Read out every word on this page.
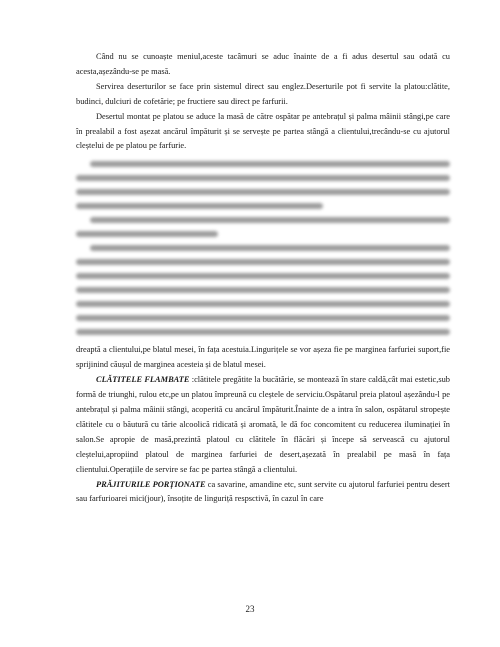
Când nu se cunoaște meniul,aceste tacâmuri se aduc înainte de a fi adus desertul sau odată cu acesta,așezându-se pe masă.

Servirea deserturilor se face prin sistemul direct sau englez.Deserturile pot fi servite la platou:clătite, budinci, dulciuri de cofetărie; pe fructiere sau direct pe farfurii.

Desertul montat pe platou se aduce la masă de către ospătar pe antebrațul și palma mâinii stângi,pe care în prealabil a fost așezat ancărul împăturit și se servește pe partea stângă a clientului,trecându-se cu ajutorul cleștelui de pe platou pe farfurie.

dreaptă a clientului,pe blatul mesei, în fața acestuia.Lingurițele se vor așeza fie pe marginea farfuriei suport,fie sprijinind căușul de marginea acesteia și de blatul mesei.

CLĂTITELE FLAMBATE :clătitele pregătite la bucătărie, se montează în stare caldă,cât mai estetic,sub formă de triunghi, rulou etc,pe un platou împreună cu cleștele de serviciu.Ospătarul preia platoul așezându-l pe antebrațul și palma mâinii stângi, acoperită cu ancărul împăturit.Înainte de a intra în salon, ospătarul stropește clătitele cu o băutură cu tărie alcoolică ridicată și aromată, le dă foc concomitent cu reducerea iluminației în salon.Se apropie de masă,prezintă platoul cu clătitele în flăcări și începe să servească cu ajutorul cleștelui,apropiind platoul de marginea farfuriei de desert,așezată în prealabil pe masă în fața clientului.Operațiile de servire se fac pe partea stângă a clientului.

PRĂJITURILE PORȚIONATE ca savarine, amandine etc, sunt servite cu ajutorul farfuriei pentru desert sau farfurioarei mici(jour), însoțite de linguriță respsctivă, în cazul în care

23
